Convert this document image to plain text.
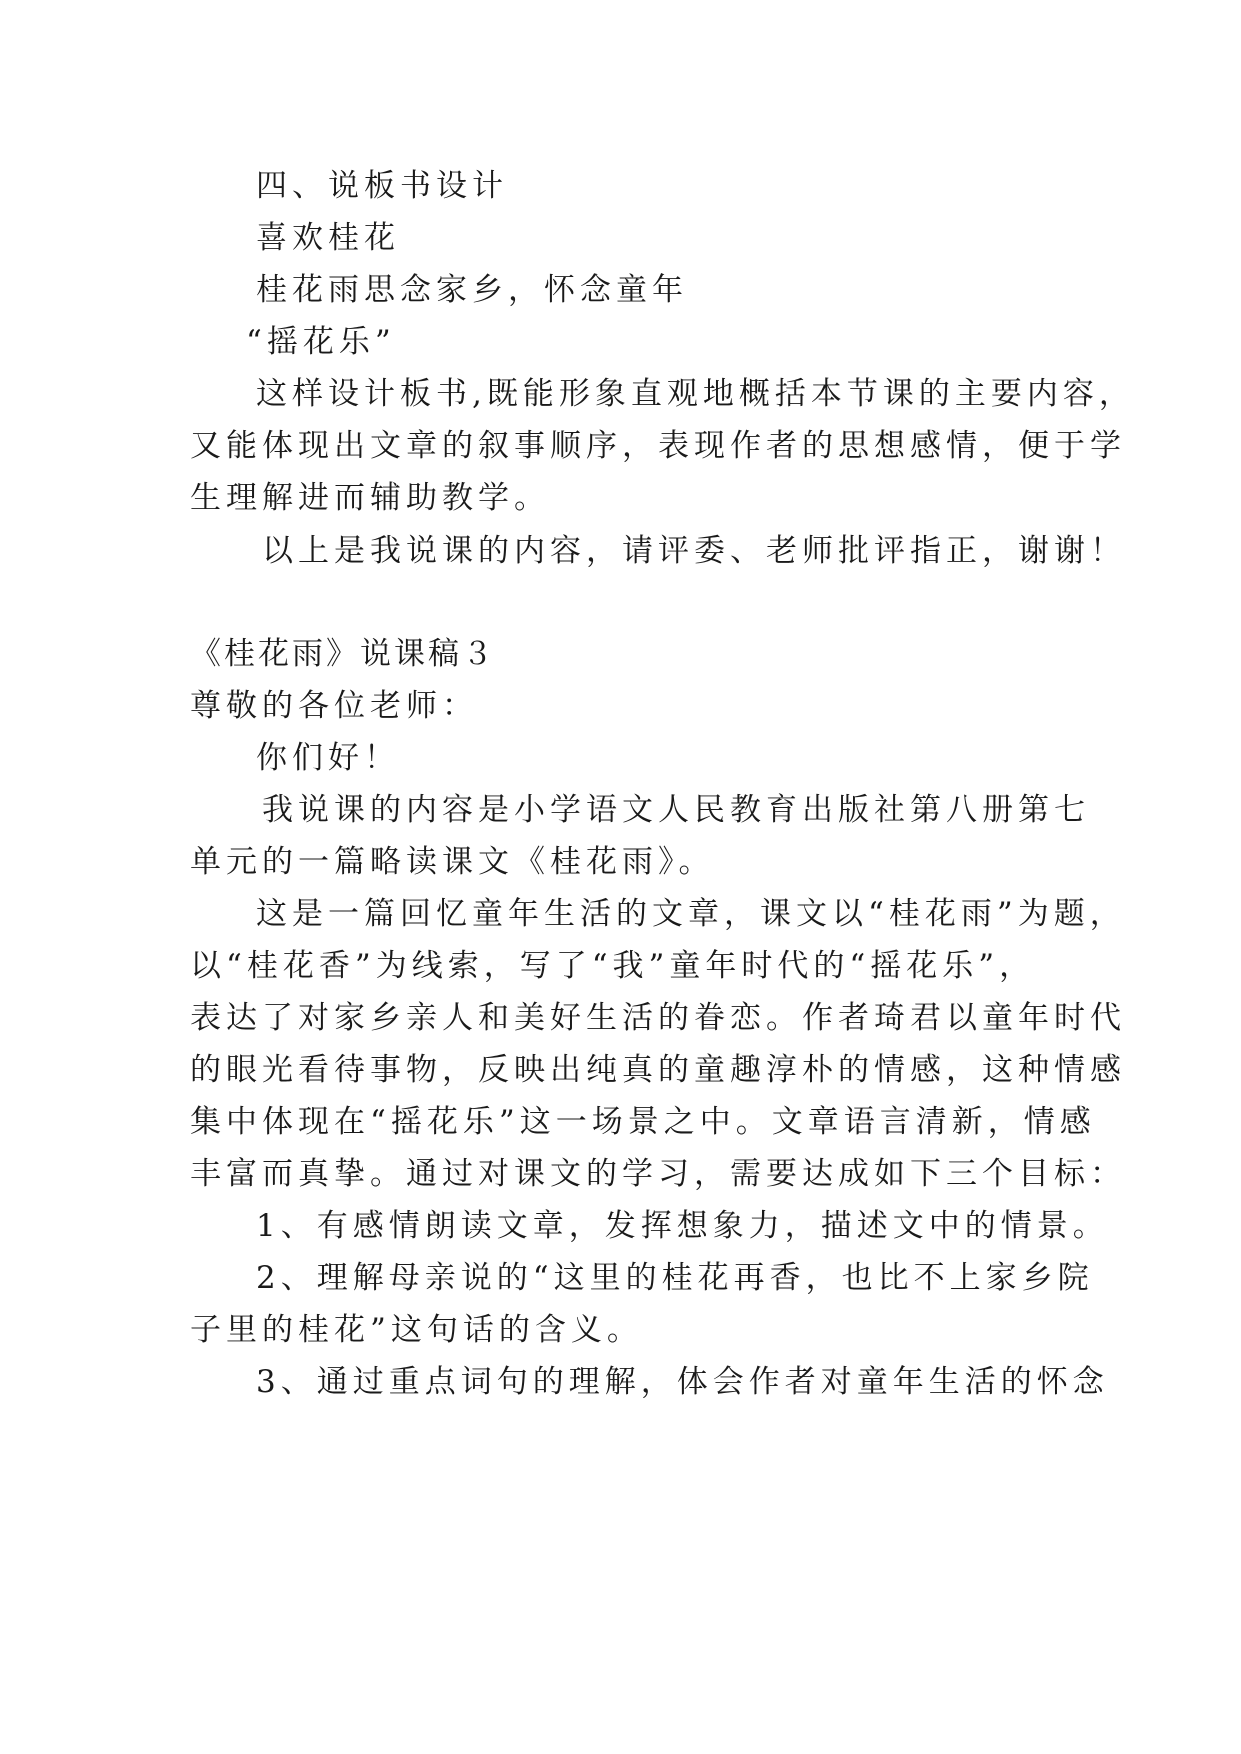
四、说板书设计
喜欢桂花
桂花雨思念家乡，怀念童年
“摇花乐”
这样设计板书,既能形象直观地概括本节课的主要内容，
又能体现出文章的叙事顺序，表现作者的思想感情，便于学
生理解进而辅助教学。
以上是我说课的内容，请评委、老师批评指正，谢谢！
《桂花雨》说课稿３
尊敬的各位老师：
你们好！
我说课的内容是小学语文人民教育出版社第八册第七
单元的一篇略读课文《桂花雨》。
这是一篇回忆童年生活的文章，课文以“桂花雨”为题，
以“桂花香”为线索，写了“我”童年时代的“摇花乐”，
表达了对家乡亲人和美好生活的眷恋。作者琦君以童年时代
的眼光看待事物，反映出纯真的童趣淳朴的情感，这种情感
集中体现在“摇花乐”这一场景之中。文章语言清新，情感
丰富而真挚。通过对课文的学习，需要达成如下三个目标：
1、有感情朗读文章，发挥想象力，描述文中的情景。
2、理解母亲说的“这里的桂花再香，也比不上家乡院
子里的桂花”这句话的含义。
3、通过重点词句的理解，体会作者对童年生活的怀念
